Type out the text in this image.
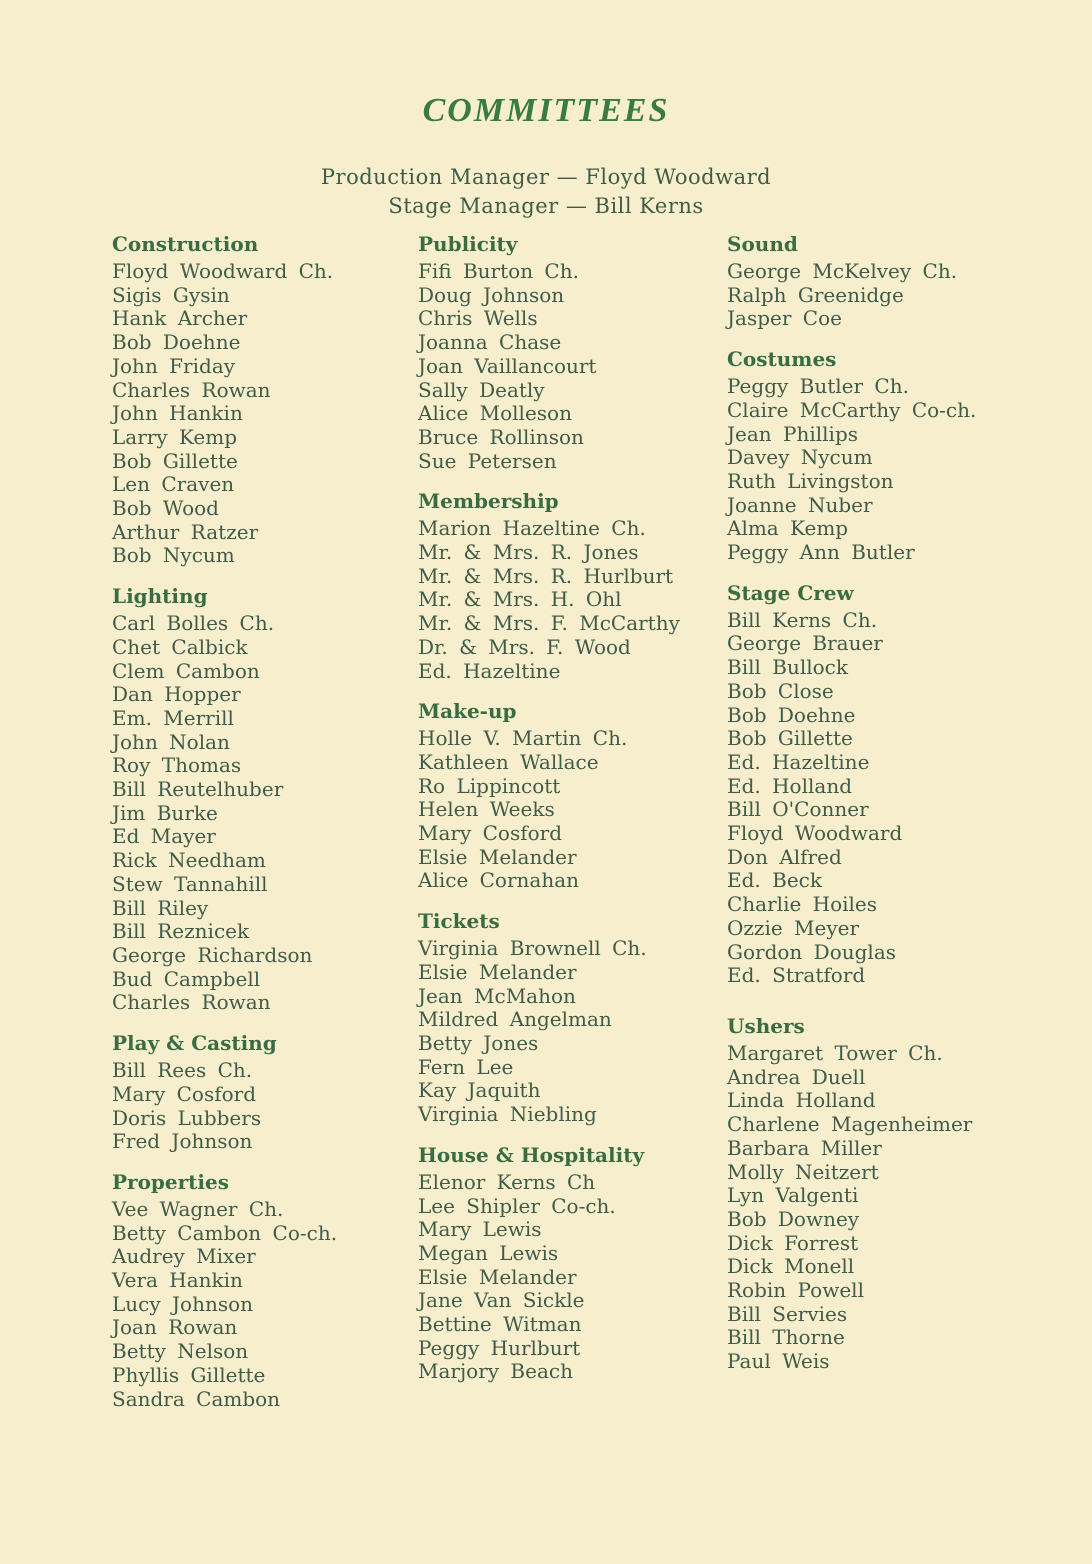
COMMITTEES
Production Manager — Floyd Woodward
Stage Manager — Bill Kerns
Construction
Floyd Woodward Ch.
Sigis Gysin
Hank Archer
Bob Doehne
John Friday
Charles Rowan
John Hankin
Larry Kemp
Bob Gillette
Len Craven
Bob Wood
Arthur Ratzer
Bob Nycum
Lighting
Carl Bolles Ch.
Chet Calbick
Clem Cambon
Dan Hopper
Em. Merrill
John Nolan
Roy Thomas
Bill Reutelhuber
Jim Burke
Ed Mayer
Rick Needham
Stew Tannahill
Bill Riley
Bill Reznicek
George Richardson
Bud Campbell
Charles Rowan
Play & Casting
Bill Rees Ch.
Mary Cosford
Doris Lubbers
Fred Johnson
Properties
Vee Wagner Ch.
Betty Cambon Co-ch.
Audrey Mixer
Vera Hankin
Lucy Johnson
Joan Rowan
Betty Nelson
Phyllis Gillette
Sandra Cambon
Publicity
Fifi Burton Ch.
Doug Johnson
Chris Wells
Joanna Chase
Joan Vaillancourt
Sally Deatly
Alice Molleson
Bruce Rollinson
Sue Petersen
Membership
Marion Hazeltine Ch.
Mr. & Mrs. R. Jones
Mr. & Mrs. R. Hurlburt
Mr. & Mrs. H. Ohl
Mr. & Mrs. F. McCarthy
Dr. & Mrs. F. Wood
Ed. Hazeltine
Make-up
Holle V. Martin Ch.
Kathleen Wallace
Ro Lippincott
Helen Weeks
Mary Cosford
Elsie Melander
Alice Cornahan
Tickets
Virginia Brownell Ch.
Elsie Melander
Jean McMahon
Mildred Angelman
Betty Jones
Fern Lee
Kay Jaquith
Virginia Niebling
House & Hospitality
Elenor Kerns Ch
Lee Shipler Co-ch.
Mary Lewis
Megan Lewis
Elsie Melander
Jane Van Sickle
Bettine Witman
Peggy Hurlburt
Marjory Beach
Sound
George McKelvey Ch.
Ralph Greenidge
Jasper Coe
Costumes
Peggy Butler Ch.
Claire McCarthy Co-ch.
Jean Phillips
Davey Nycum
Ruth Livingston
Joanne Nuber
Alma Kemp
Peggy Ann Butler
Stage Crew
Bill Kerns Ch.
George Brauer
Bill Bullock
Bob Close
Bob Doehne
Bob Gillette
Ed. Hazeltine
Ed. Holland
Bill O'Conner
Floyd Woodward
Don Alfred
Ed. Beck
Charlie Hoiles
Ozzie Meyer
Gordon Douglas
Ed. Stratford
Ushers
Margaret Tower Ch.
Andrea Duell
Linda Holland
Charlene Magenheimer
Barbara Miller
Molly Neitzert
Lyn Valgenti
Bob Downey
Dick Forrest
Dick Monell
Robin Powell
Bill Servies
Bill Thorne
Paul Weis
